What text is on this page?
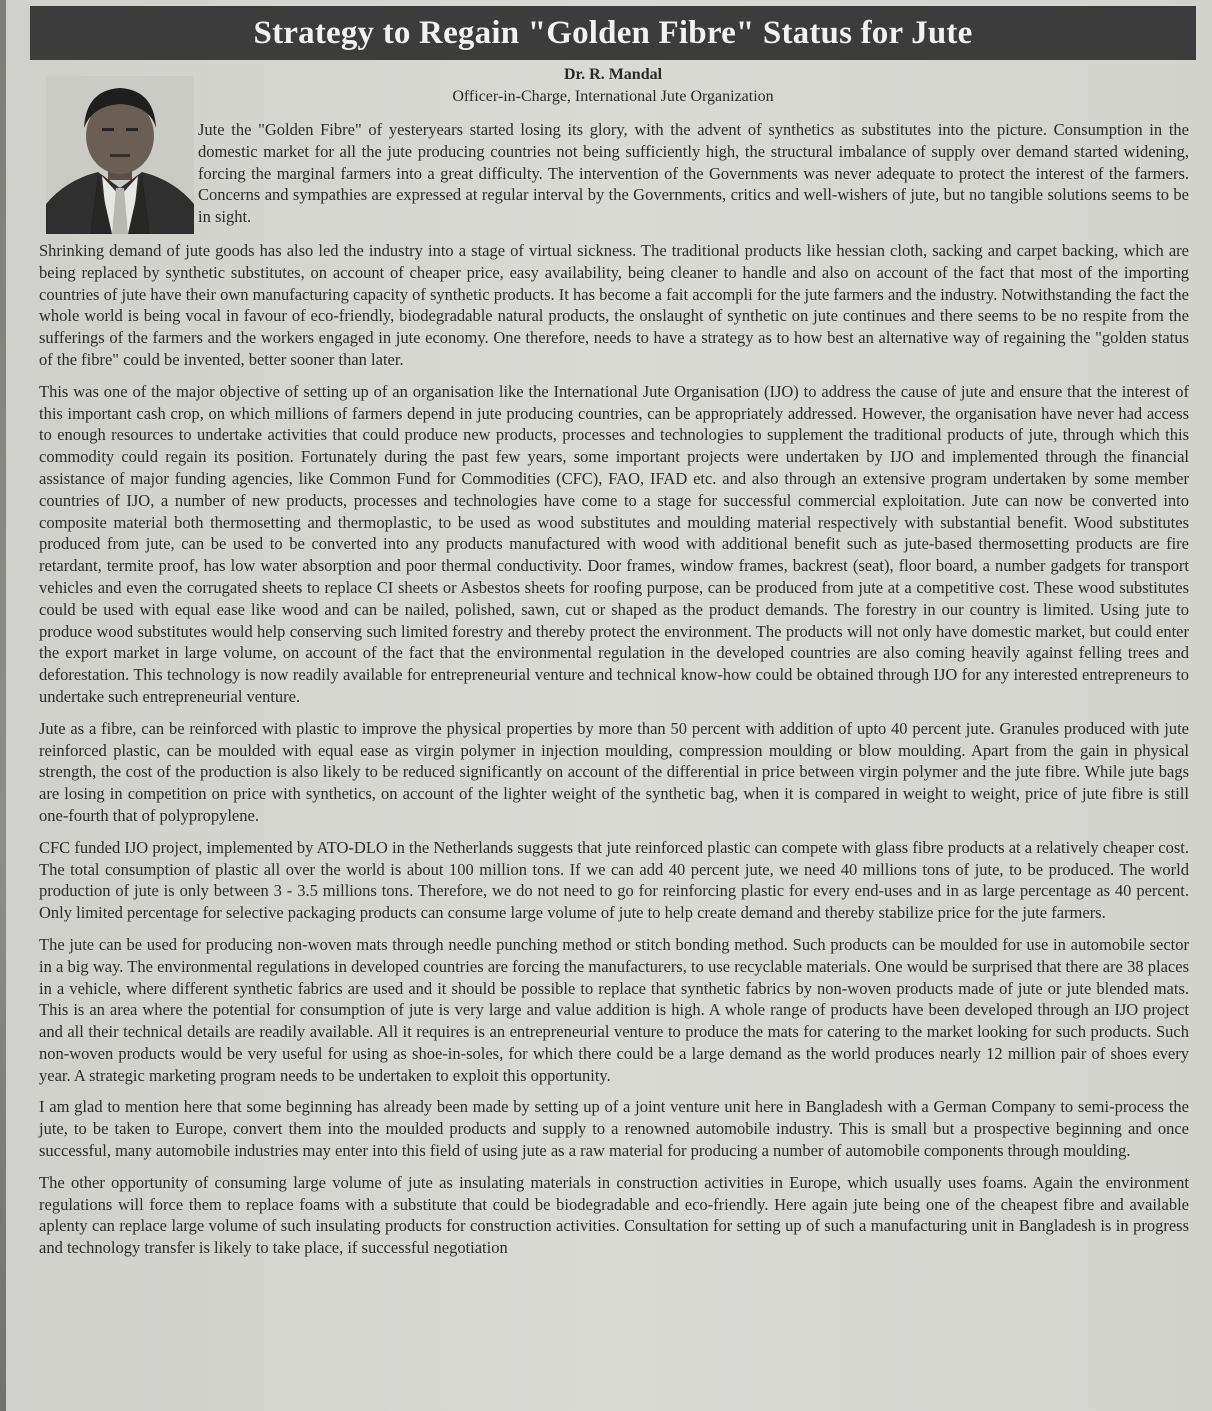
Strategy to Regain "Golden Fibre" Status for Jute
Dr. R. Mandal
Officer-in-Charge, International Jute Organization

Jute the "Golden Fibre" of yesteryears started losing its glory, with the advent of synthetics as substitutes into the picture. Consumption in the domestic market for all the jute producing countries not being sufficiently high, the structural imbalance of supply over demand started widening, forcing the marginal farmers into a great difficulty. The intervention of the Governments was never adequate to protect the interest of the farmers. Concerns and sympathies are expressed at regular interval by the Governments, critics and well-wishers of jute, but no tangible solutions seems to be in sight.

Shrinking demand of jute goods has also led the industry into a stage of virtual sickness. The traditional products like hessian cloth, sacking and carpet backing, which are being replaced by synthetic substitutes, on account of cheaper price, easy availability, being cleaner to handle and also on account of the fact that most of the importing countries of jute have their own manufacturing capacity of synthetic products. It has become a fait accompli for the jute farmers and the industry. Notwithstanding the fact the whole world is being vocal in favour of eco-friendly, biodegradable natural products, the onslaught of synthetic on jute continues and there seems to be no respite from the sufferings of the farmers and the workers engaged in jute economy. One therefore, needs to have a strategy as to how best an alternative way of regaining the "golden status of the fibre" could be invented, better sooner than later.

This was one of the major objective of setting up of an organisation like the International Jute Organisation (IJO) to address the cause of jute and ensure that the interest of this important cash crop, on which millions of farmers depend in jute producing countries, can be appropriately addressed. However, the organisation have never had access to enough resources to undertake activities that could produce new products, processes and technologies to supplement the traditional products of jute, through which this commodity could regain its position. Fortunately during the past few years, some important projects were undertaken by IJO and implemented through the financial assistance of major funding agencies, like Common Fund for Commodities (CFC), FAO, IFAD etc. and also through an extensive program undertaken by some member countries of IJO, a number of new products, processes and technologies have come to a stage for successful commercial exploitation. Jute can now be converted into composite material both thermosetting and thermoplastic, to be used as wood substitutes and moulding material respectively with substantial benefit. Wood substitutes produced from jute, can be used to be converted into any products manufactured with wood with additional benefit such as jute-based thermosetting products are fire retardant, termite proof, has low water absorption and poor thermal conductivity. Door frames, window frames, backrest (seat), floor board, a number gadgets for transport vehicles and even the corrugated sheets to replace CI sheets or Asbestos sheets for roofing purpose, can be produced from jute at a competitive cost. These wood substitutes could be used with equal ease like wood and can be nailed, polished, sawn, cut or shaped as the product demands. The forestry in our country is limited. Using jute to produce wood substitutes would help conserving such limited forestry and thereby protect the environment. The products will not only have domestic market, but could enter the export market in large volume, on account of the fact that the environmental regulation in the developed countries are also coming heavily against felling trees and deforestation. This technology is now readily available for entrepreneurial venture and technical know-how could be obtained through IJO for any interested entrepreneurs to undertake such entrepreneurial venture.

Jute as a fibre, can be reinforced with plastic to improve the physical properties by more than 50 percent with addition of upto 40 percent jute. Granules produced with jute reinforced plastic, can be moulded with equal ease as virgin polymer in injection moulding, compression moulding or blow moulding. Apart from the gain in physical strength, the cost of the production is also likely to be reduced significantly on account of the differential in price between virgin polymer and the jute fibre. While jute bags are losing in competition on price with synthetics, on account of the lighter weight of the synthetic bag, when it is compared in weight to weight, price of jute fibre is still one-fourth that of polypropylene.

CFC funded IJO project, implemented by ATO-DLO in the Netherlands suggests that jute reinforced plastic can compete with glass fibre products at a relatively cheaper cost. The total consumption of plastic all over the world is about 100 million tons. If we can add 40 percent jute, we need 40 millions tons of jute, to be produced. The world production of jute is only between 3 - 3.5 millions tons. Therefore, we do not need to go for reinforcing plastic for every end-uses and in as large percentage as 40 percent. Only limited percentage for selective packaging products can consume large volume of jute to help create demand and thereby stabilize price for the jute farmers.

The jute can be used for producing non-woven mats through needle punching method or stitch bonding method. Such products can be moulded for use in automobile sector in a big way. The environmental regulations in developed countries are forcing the manufacturers, to use recyclable materials. One would be surprised that there are 38 places in a vehicle, where different synthetic fabrics are used and it should be possible to replace that synthetic fabrics by non-woven products made of jute or jute blended mats. This is an area where the potential for consumption of jute is very large and value addition is high. A whole range of products have been developed through an IJO project and all their technical details are readily available. All it requires is an entrepreneurial venture to produce the mats for catering to the market looking for such products. Such non-woven products would be very useful for using as shoe-in-soles, for which there could be a large demand as the world produces nearly 12 million pair of shoes every year. A strategic marketing program needs to be undertaken to exploit this opportunity.

I am glad to mention here that some beginning has already been made by setting up of a joint venture unit here in Bangladesh with a German Company to semi-process the jute, to be taken to Europe, convert them into the moulded products and supply to a renowned automobile industry. This is small but a prospective beginning and once successful, many automobile industries may enter into this field of using jute as a raw material for producing a number of automobile components through moulding.

The other opportunity of consuming large volume of jute as insulating materials in construction activities in Europe, which usually uses foams. Again the environment regulations will force them to replace foams with a substitute that could be biodegradable and eco-friendly. Here again jute being one of the cheapest fibre and available aplenty can replace large volume of such insulating products for construction activities. Consultation for setting up of such a manufacturing unit in Bangladesh is in progress and technology transfer is likely to take place, if successful negotiation
